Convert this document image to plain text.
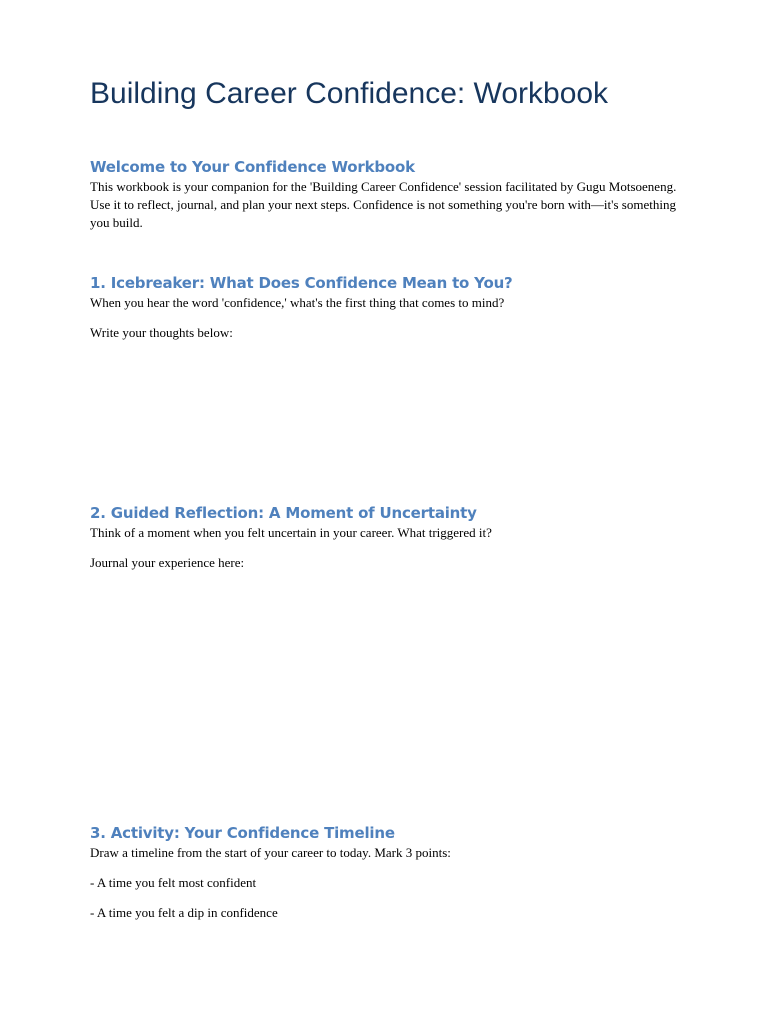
Building Career Confidence: Workbook
Welcome to Your Confidence Workbook

This workbook is your companion for the 'Building Career Confidence' session facilitated by Gugu Motsoeneng. Use it to reflect, journal, and plan your next steps. Confidence is not something you're born with—it's something you build.

1. Icebreaker: What Does Confidence Mean to You?

When you hear the word 'confidence,' what's the first thing that comes to mind?

Write your thoughts below:

2. Guided Reflection: A Moment of Uncertainty

Think of a moment when you felt uncertain in your career. What triggered it?

Journal your experience here:

3. Activity: Your Confidence Timeline

Draw a timeline from the start of your career to today. Mark 3 points:

- A time you felt most confident

- A time you felt a dip in confidence
